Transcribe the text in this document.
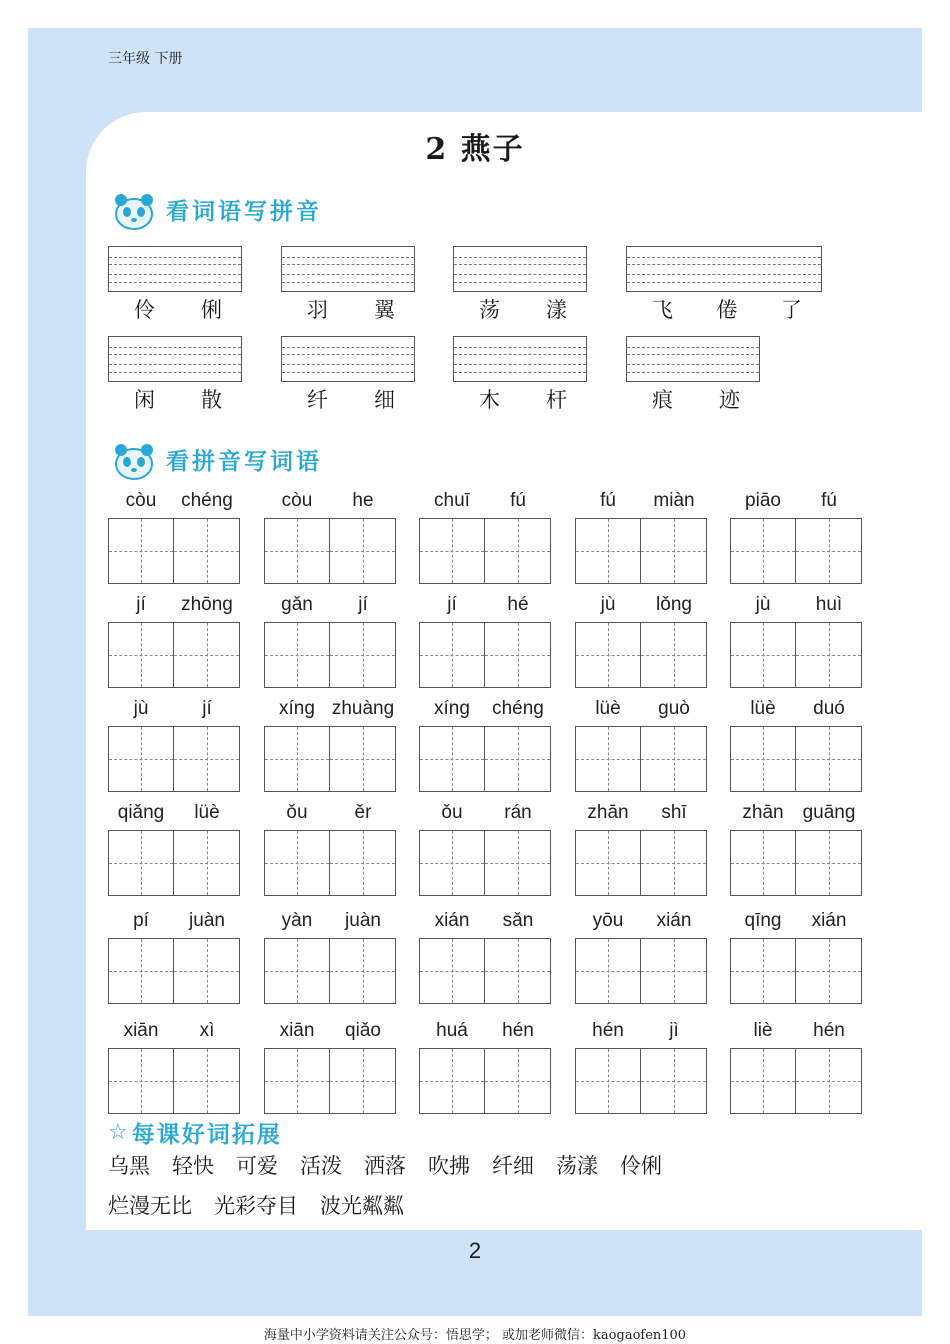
三年级 下册
2 燕子
看词语写拼音
伶 俐	羽 翼	荡 漾	飞 倦 了
闲 散	纤 细	木 杆	痕 迹
看拼音写词语
còu	chéng	còu	he	chuī	fú	fú	miàn	piāo	fú
jí	zhōng	gǎn	jí	jí	hé	jù	lǒng	jù	huì
jù	jí	xíng zhuàng	xíng	chéng	lüè	guò	lüè	duó
qiǎng	lüè	ǒu	ěr	ǒu	rán	zhān	shī	zhān guāng
pí	juàn	yàn	juàn	xián	sǎn	yōu	xián	qīng	xián
xiān	xì	xiān	qiǎo	huá	hén	hén	jì	liè	hén
☆ 每课好词拓展
乌黑 轻快 可爱 活泼 洒落 吹拂 纤细 荡漾 伶俐
烂漫无比 光彩夺目 波光粼粼
2
海量中小学资料请关注公众号：悟思学； 或加老师微信：kaogaofen100
